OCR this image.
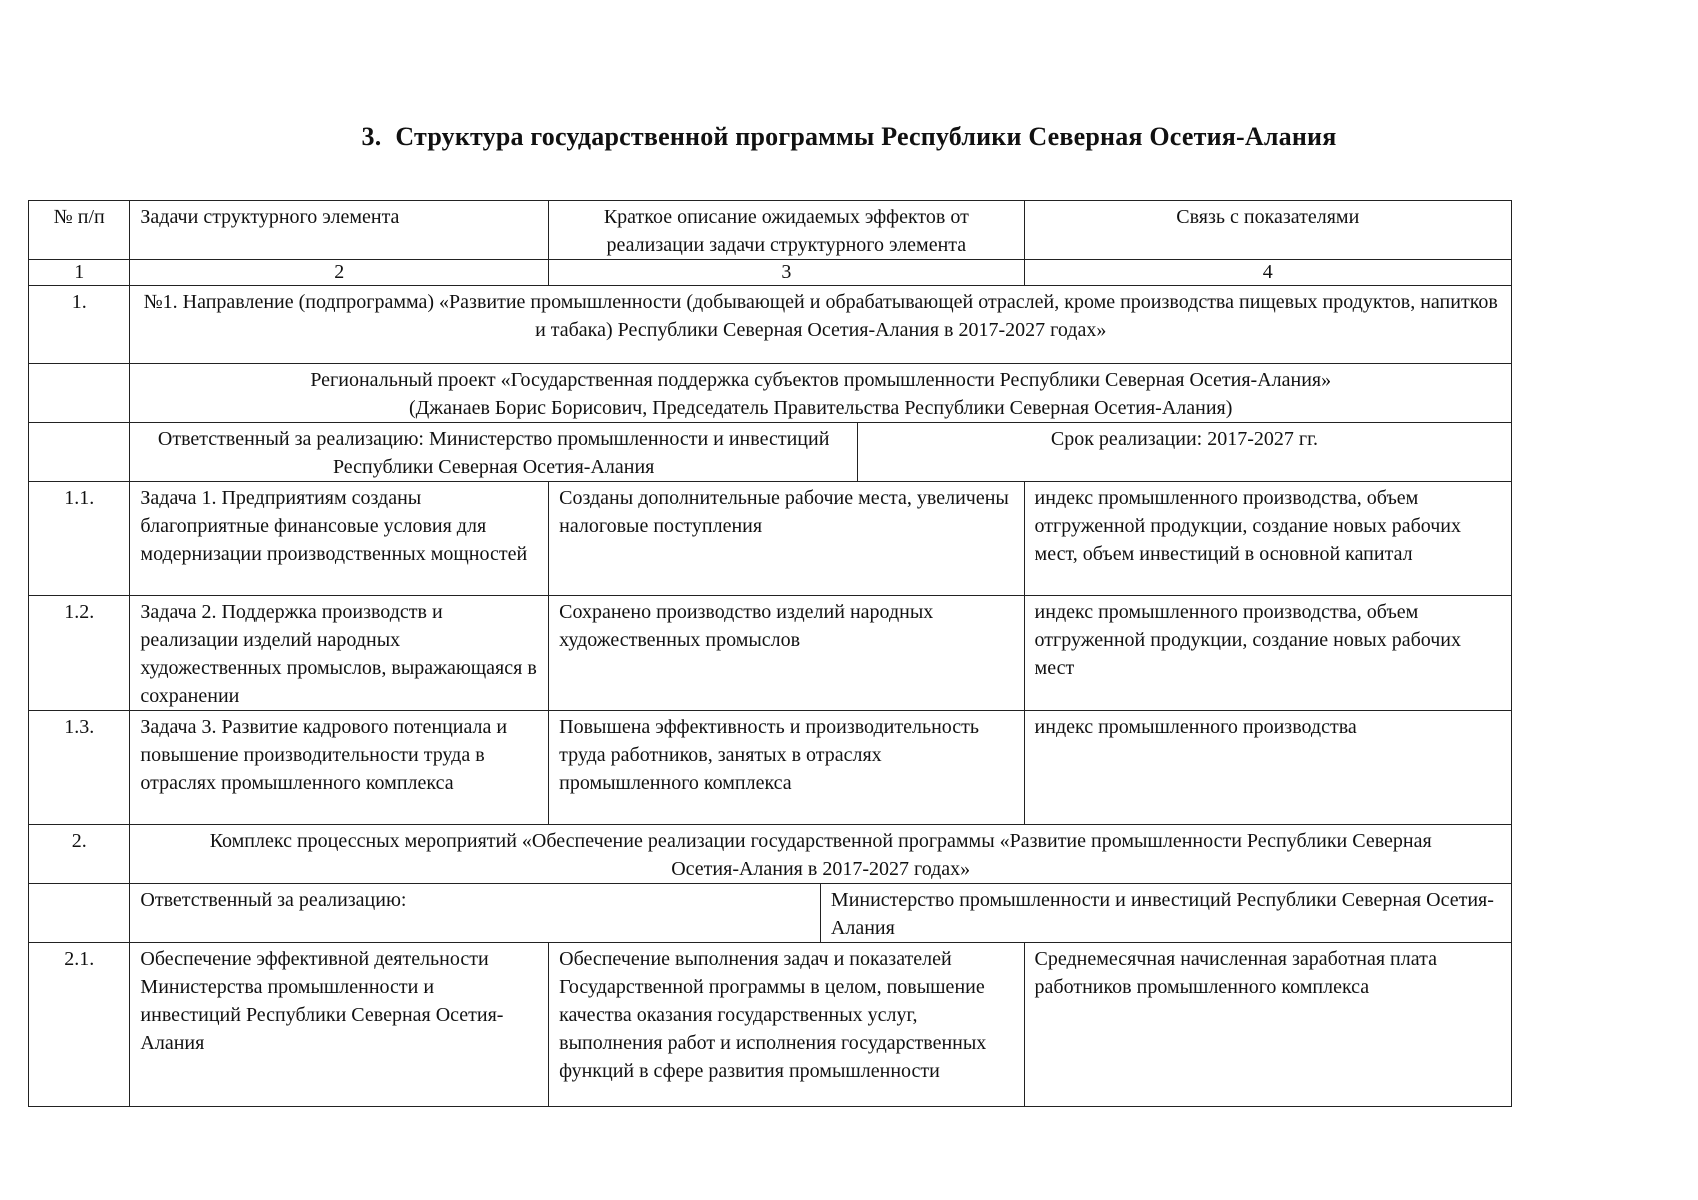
3. Структура государственной программы Республики Северная Осетия-Алания
№ п/п	Задачи структурного элемента	Краткое описание ожидаемых эффектов от реализации задачи структурного элемента	Связь с показателями
1	2	3	4
1.	№1. Направление (подпрограмма) «Развитие промышленности (добывающей и обрабатывающей отраслей, кроме производства пищевых продуктов, напитков и табака) Республики Северная Осетия-Алания в 2017-2027 годах»

Региональный проект «Государственная поддержка субъектов промышленности Республики Северная Осетия-Алания»
(Джанаев Борис Борисович, Председатель Правительства Республики Северная Осетия-Алания)

Ответственный за реализацию: Министерство промышленности и инвестиций Республики Северная Осетия-Алания	Срок реализации: 2017-2027 гг.

1.1.	Задача 1. Предприятиям созданы благоприятные финансовые условия для модернизации производственных мощностей	Созданы дополнительные рабочие места, увеличены налоговые поступления	индекс промышленного производства, объем отгруженной продукции, создание новых рабочих мест, объем инвестиций в основной капитал
1.2.	Задача 2. Поддержка производств и реализации изделий народных художественных промыслов, выражающаяся в сохранении	Сохранено производство изделий народных художественных промыслов	индекс промышленного производства, объем отгруженной продукции, создание новых рабочих мест
1.3.	Задача 3. Развитие кадрового потенциала и повышение производительности труда в отраслях промышленного комплекса	Повышена эффективность и производительность труда работников, занятых в отраслях промышленного комплекса	индекс промышленного производства
2.	Комплекс процессных мероприятий «Обеспечение реализации государственной программы «Развитие промышленности Республики Северная Осетия-Алания в 2017-2027 годах»

Ответственный за реализацию:	Министерство промышленности и инвестиций Республики Северная Осетия-Алания

2.1.	Обеспечение эффективной деятельности Министерства промышленности и инвестиций Республики Северная Осетия-Алания	Обеспечение выполнения задач и показателей Государственной программы в целом, повышение качества оказания государственных услуг, выполнения работ и исполнения государственных функций в сфере развития промышленности	Среднемесячная начисленная заработная плата работников промышленного комплекса
